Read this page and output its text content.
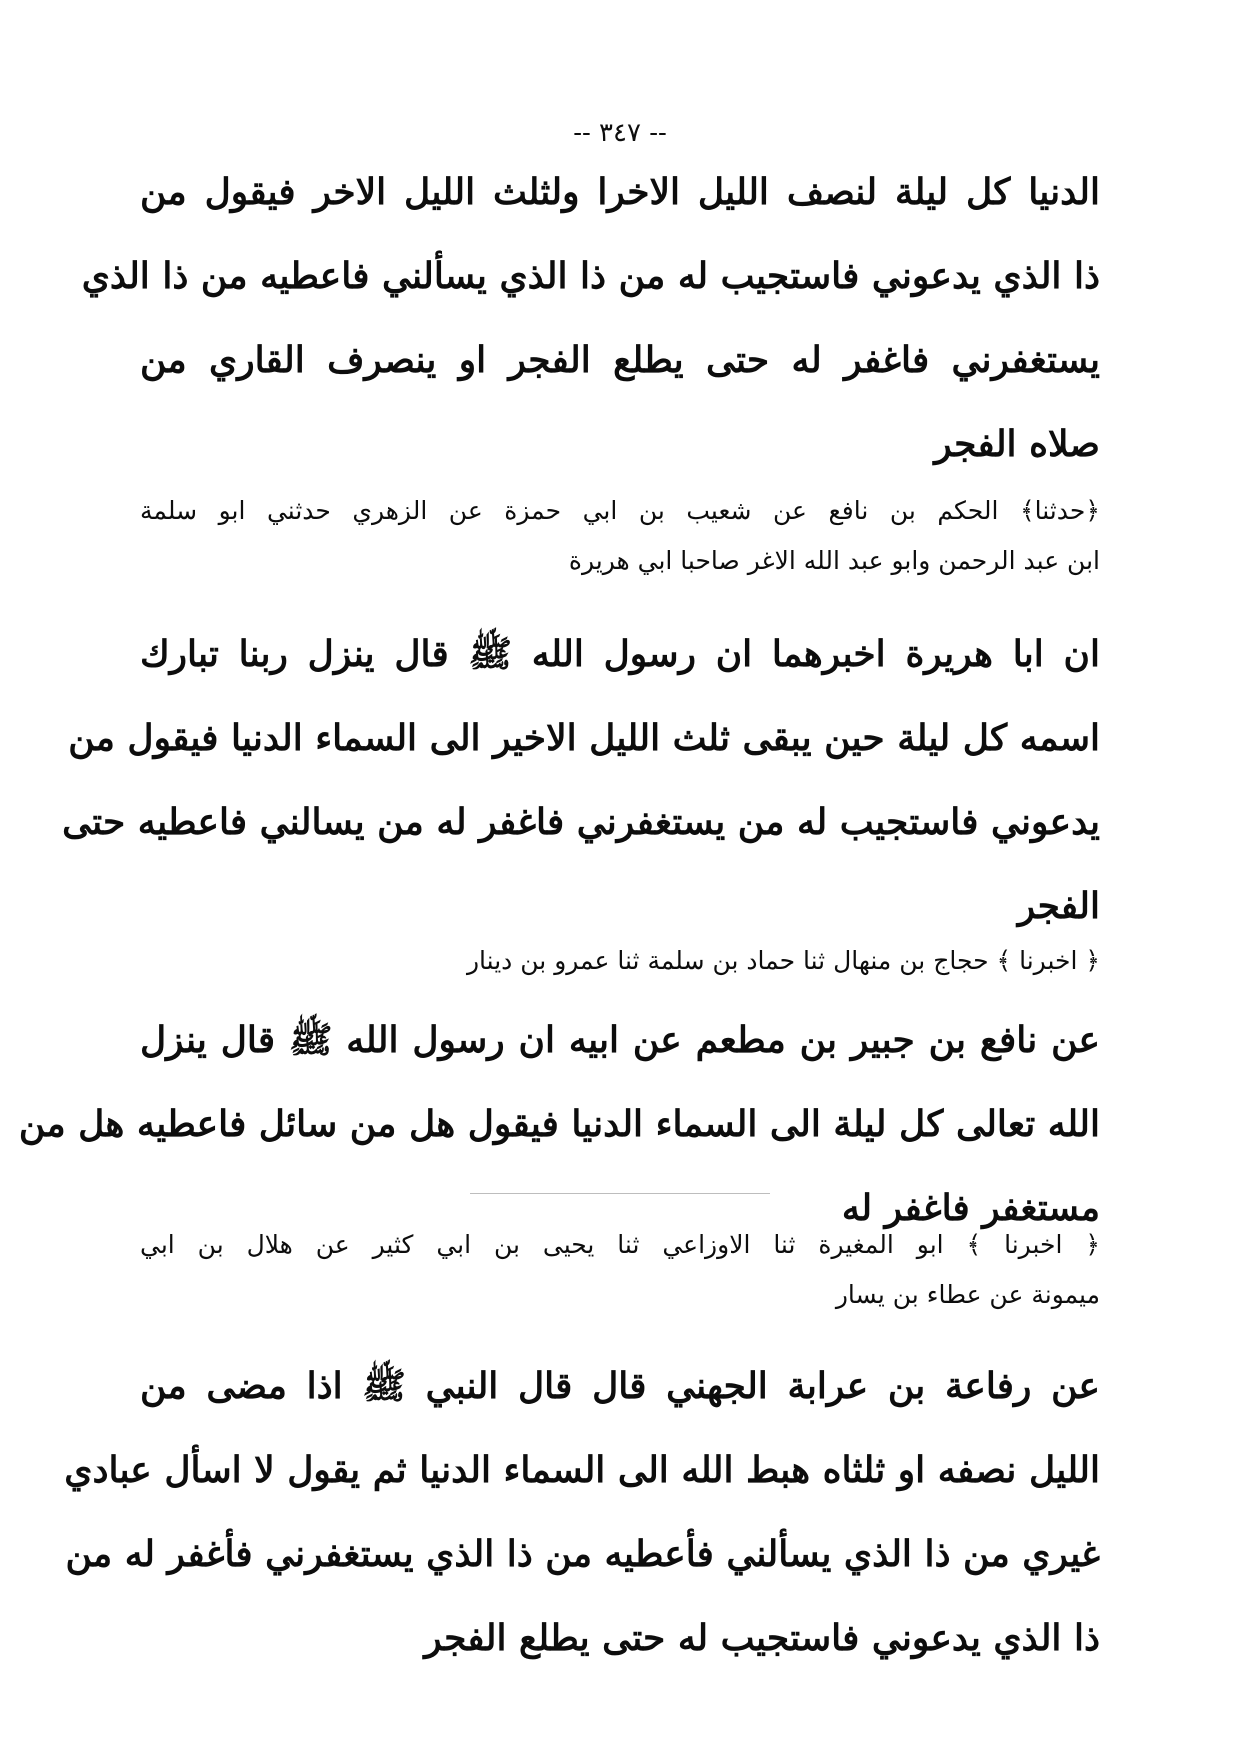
-- ٣٤٧ --
الدنيا كل ليلة لنصف الليل الاخرا ولثلث الليل الاخر فيقول من
ذا الذي يدعوني فاستجيب له من ذا الذي يسألني فاعطيه من ذا الذي
يستغفرني فاغفر له حتى يطلع الفجر او ينصرف القاري من
صلاه الفجر
﴿حدثنا﴾ الحكم بن نافع عن شعيب بن ابي حمزة عن الزهري حدثني ابو سلمة
ابن عبد الرحمن وابو عبد الله الاغر صاحبا ابي هريرة
ان ابا هريرة اخبرهما ان رسول الله ﷺ قال ينزل ربنا تبارك
اسمه كل ليلة حين يبقى ثلث الليل الاخير الى السماء الدنيا فيقول من
يدعوني فاستجيب له من يستغفرني فاغفر له من يسالني فاعطيه حتى
الفجر
﴿ اخبرنا ﴾ حجاج بن منهال ثنا حماد بن سلمة ثنا عمرو بن دينار
عن نافع بن جبير بن مطعم عن ابيه ان رسول الله ﷺ قال ينزل
الله تعالى كل ليلة الى السماء الدنيا فيقول هل من سائل فاعطيه هل من
مستغفر فاغفر له
﴿ اخبرنا ﴾ ابو المغيرة ثنا الاوزاعي ثنا يحيى بن ابي كثير عن هلال بن ابي
ميمونة عن عطاء بن يسار
عن رفاعة بن عرابة الجهني قال قال النبي ﷺ اذا مضى من
الليل نصفه او ثلثاه هبط الله الى السماء الدنيا ثم يقول لا اسأل عبادي
غيري من ذا الذي يسألني فأعطيه من ذا الذي يستغفرني فأغفر له من
ذا الذي يدعوني فاستجيب له حتى يطلع الفجر
